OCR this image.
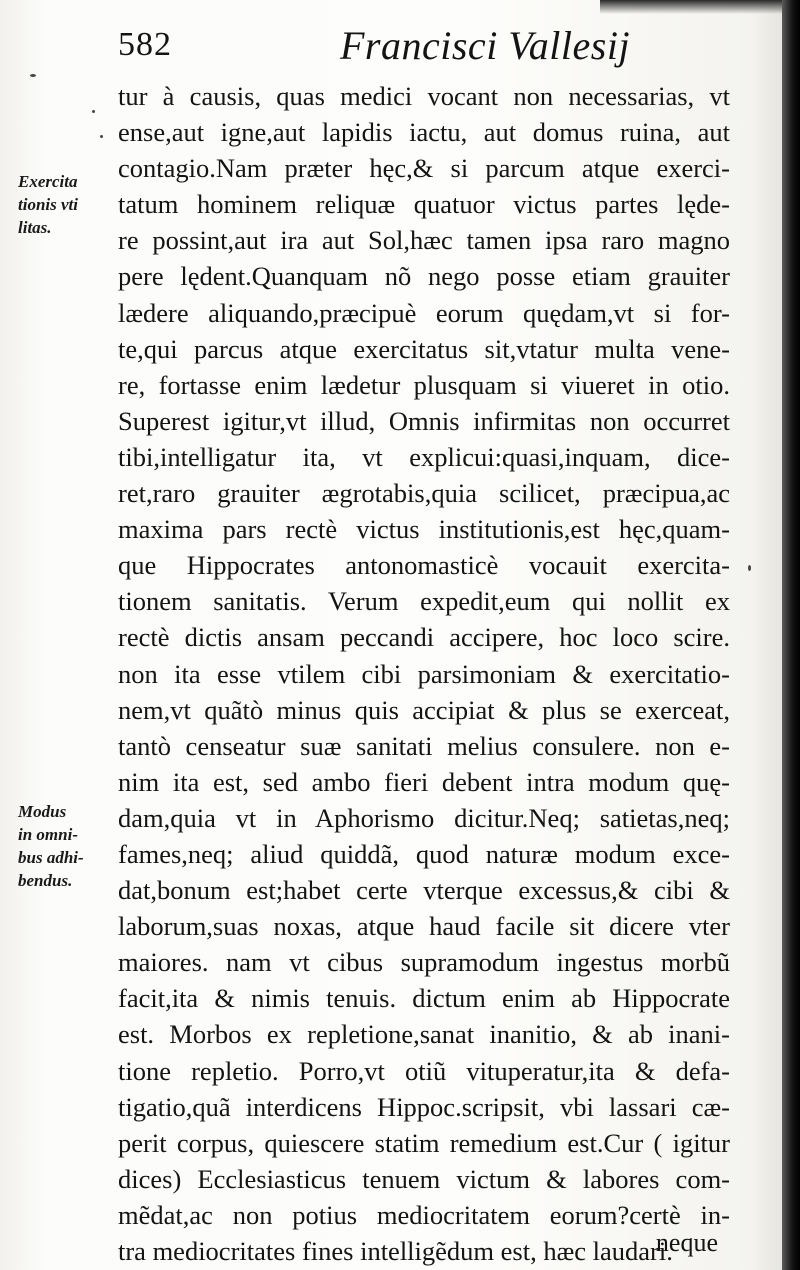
582	Francisci Vallesij
Exercita
tionis vti
litas.
Modus
in omni-
bus adhi-
bendus.
tur à causis, quas medici vocant non necessarias, vt
ense,aut igne,aut lapidis iactu, aut domus ruina, aut
contagio.Nam præter hęc,& si parcum atque exerci-
tatum hominem reliquæ quatuor victus partes lęde-
re possint,aut ira aut Sol,hæc tamen ipsa raro magno
pere lędent.Quanquam nõ nego posse etiam grauiter
lædere aliquando,præcipuè eorum quędam,vt si for-
te,qui parcus atque exercitatus sit,vtatur multa vene-
re, fortasse enim lædetur plusquam si viueret in otio.
Superest igitur,vt illud, Omnis infirmitas non occurret
tibi,intelligatur ita, vt explicui:quasi,inquam, dice-
ret,raro grauiter ægrotabis,quia scilicet, præcipua,ac
maxima pars rectè victus institutionis,est hęc,quam-
que Hippocrates antonomasticè vocauit exercita-
tionem sanitatis. Verum expedit,eum qui nollit ex
rectè dictis ansam peccandi accipere, hoc loco scire.
non ita esse vtilem cibi parsimoniam & exercitatio-
nem,vt quãtò minus quis accipiat & plus se exerceat,
tantò censeatur suæ sanitati melius consulere. non e-
nim ita est, sed ambo fieri debent intra modum quę-
dam,quia vt in Aphorismo dicitur.Neq; satietas,neq;
fames,neq; aliud quiddã, quod naturæ modum exce-
dat,bonum est;habet certe vterque excessus,& cibi &
laborum,suas noxas, atque haud facile sit dicere vter
maiores. nam vt cibus supramodum ingestus morbũ
facit,ita & nimis tenuis. dictum enim ab Hippocrate
est. Morbos ex repletione,sanat inanitio, & ab inani-
tione repletio. Porro,vt otiũ vituperatur,ita & defa-
tigatio,quã interdicens Hippoc.scripsit, vbi lassari cæ-
perit corpus, quiescere statim remedium est.Cur ( igitur
dices) Ecclesiasticus tenuem victum & labores com-
mẽdat,ac non potius mediocritatem eorum?certè in-
tra mediocritates fines intelligẽdum est, hæc laudari.
neque
